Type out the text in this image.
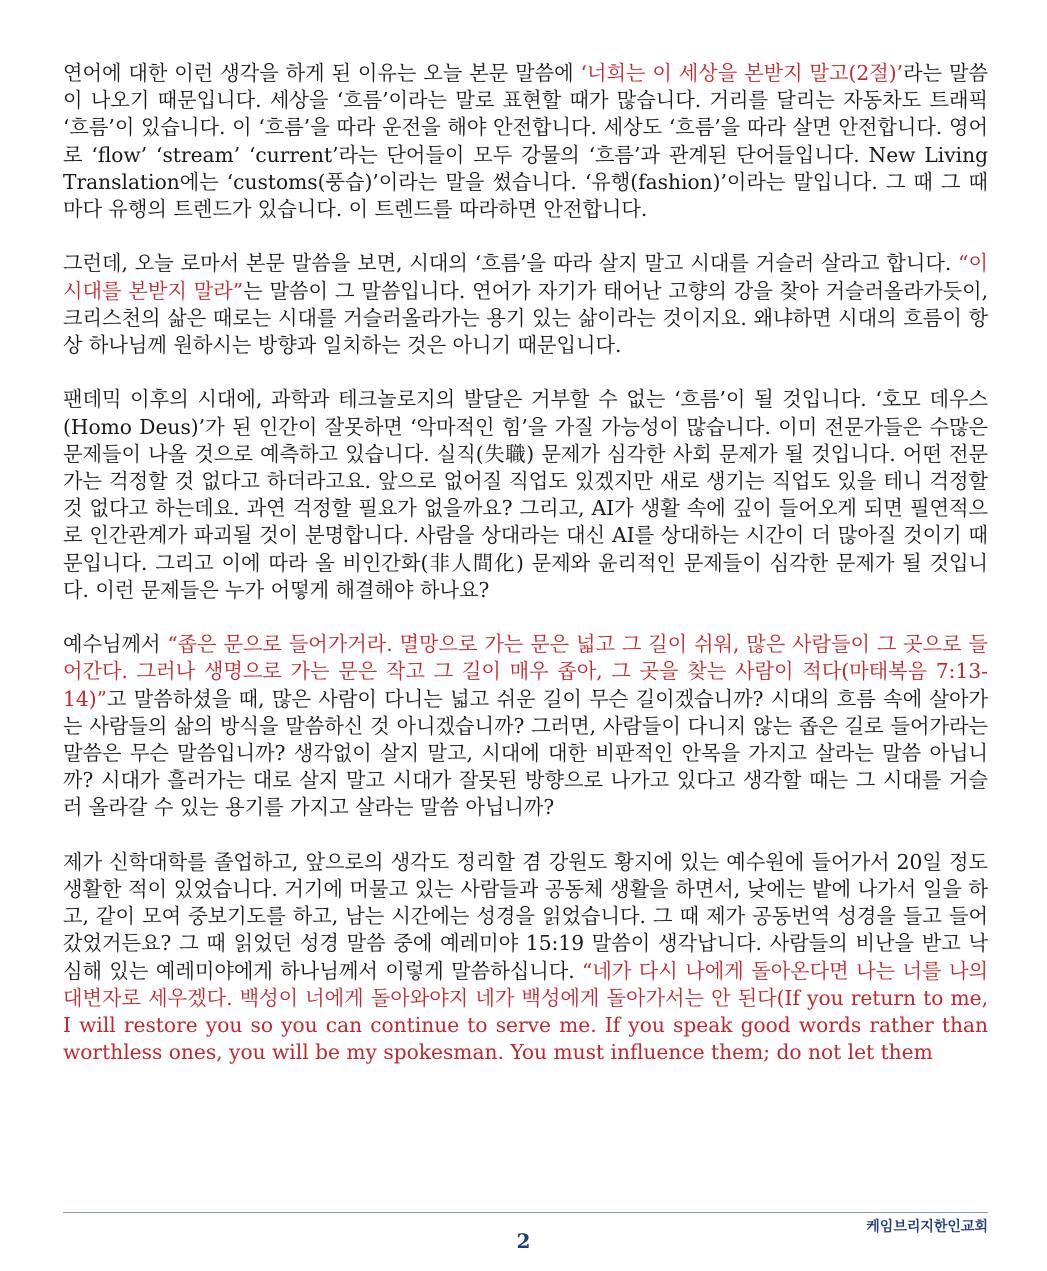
연어에 대한 이런 생각을 하게 된 이유는 오늘 본문 말씀에 ‘너희는 이 세상을 본받지 말고(2절)’라는 말씀이 나오기 때문입니다. 세상을 ‘흐름’이라는 말로 표현할 때가 많습니다. 거리를 달리는 자동차도 트래픽 ‘흐름’이 있습니다. 이 ‘흐름’을 따라 운전을 해야 안전합니다. 세상도 ‘흐름’을 따라 살면 안전합니다. 영어로 ‘flow’ ‘stream’ ‘current’라는 단어들이 모두 강물의 ‘흐름’과 관계된 단어들입니다. New Living Translation에는 ‘customs(풍습)’이라는 말을 썼습니다. ‘유행(fashion)’이라는 말입니다. 그 때 그 때마다 유행의 트렌드가 있습니다. 이 트렌드를 따라하면 안전합니다.

그런데, 오늘 로마서 본문 말씀을 보면, 시대의 ‘흐름’을 따라 살지 말고 시대를 거슬러 살라고 합니다. “이 시대를 본받지 말라”는 말씀이 그 말씀입니다. 연어가 자기가 태어난 고향의 강을 찾아 거슬러올라가듯이, 크리스천의 삶은 때로는 시대를 거슬러올라가는 용기 있는 삶이라는 것이지요. 왜냐하면 시대의 흐름이 항상 하나님께 원하시는 방향과 일치하는 것은 아니기 때문입니다.

팬데믹 이후의 시대에, 과학과 테크놀로지의 발달은 거부할 수 없는 ‘흐름’이 될 것입니다. ‘호모 데우스(Homo Deus)’가 된 인간이 잘못하면 ‘악마적인 힘’을 가질 가능성이 많습니다. 이미 전문가들은 수많은 문제들이 나올 것으로 예측하고 있습니다. 실직(失職) 문제가 심각한 사회 문제가 될 것입니다. 어떤 전문가는 걱정할 것 없다고 하더라고요. 앞으로 없어질 직업도 있겠지만 새로 생기는 직업도 있을 테니 걱정할 것 없다고 하는데요. 과연 걱정할 필요가 없을까요? 그리고, AI가 생활 속에 깊이 들어오게 되면 필연적으로 인간관계가 파괴될 것이 분명합니다. 사람을 상대라는 대신 AI를 상대하는 시간이 더 많아질 것이기 때문입니다. 그리고 이에 따라 올 비인간화(非人間化) 문제와 윤리적인 문제들이 심각한 문제가 될 것입니다. 이런 문제들은 누가 어떻게 해결해야 하나요?

예수님께서 “좁은 문으로 들어가거라. 멸망으로 가는 문은 넓고 그 길이 쉬워, 많은 사람들이 그 곳으로 들어간다. 그러나 생명으로 가는 문은 작고 그 길이 매우 좁아, 그 곳을 찾는 사람이 적다(마태복음 7:13-14)”고 말씀하셨을 때, 많은 사람이 다니는 넓고 쉬운 길이 무슨 길이겠습니까? 시대의 흐름 속에 살아가는 사람들의 삶의 방식을 말씀하신 것 아니겠습니까? 그러면, 사람들이 다니지 않는 좁은 길로 들어가라는 말씀은 무슨 말씀입니까? 생각없이 살지 말고, 시대에 대한 비판적인 안목을 가지고 살라는 말씀 아닙니까? 시대가 흘러가는 대로 살지 말고 시대가 잘못된 방향으로 나가고 있다고 생각할 때는 그 시대를 거슬러 올라갈 수 있는 용기를 가지고 살라는 말씀 아닙니까?

제가 신학대학를 졸업하고, 앞으로의 생각도 정리할 겸 강원도 황지에 있는 예수원에 들어가서 20일 정도 생활한 적이 있었습니다. 거기에 머물고 있는 사람들과 공동체 생활을 하면서, 낮에는 밭에 나가서 일을 하고, 같이 모여 중보기도를 하고, 남는 시간에는 성경을 읽었습니다. 그 때 제가 공동번역 성경을 들고 들어갔었거든요? 그 때 읽었던 성경 말씀 중에 예레미야 15:19 말씀이 생각납니다. 사람들의 비난을 받고 낙심해 있는 예레미야에게 하나님께서 이렇게 말씀하십니다. “네가 다시 나에게 돌아온다면 나는 너를 나의 대변자로 세우겠다. 백성이 너에게 돌아와야지 네가 백성에게 돌아가서는 안 된다(If you return to me, I will restore you so you can continue to serve me. If you speak good words rather than worthless ones, you will be my spokesman. You must influence them; do not let them

2
케임브리지한인교회
